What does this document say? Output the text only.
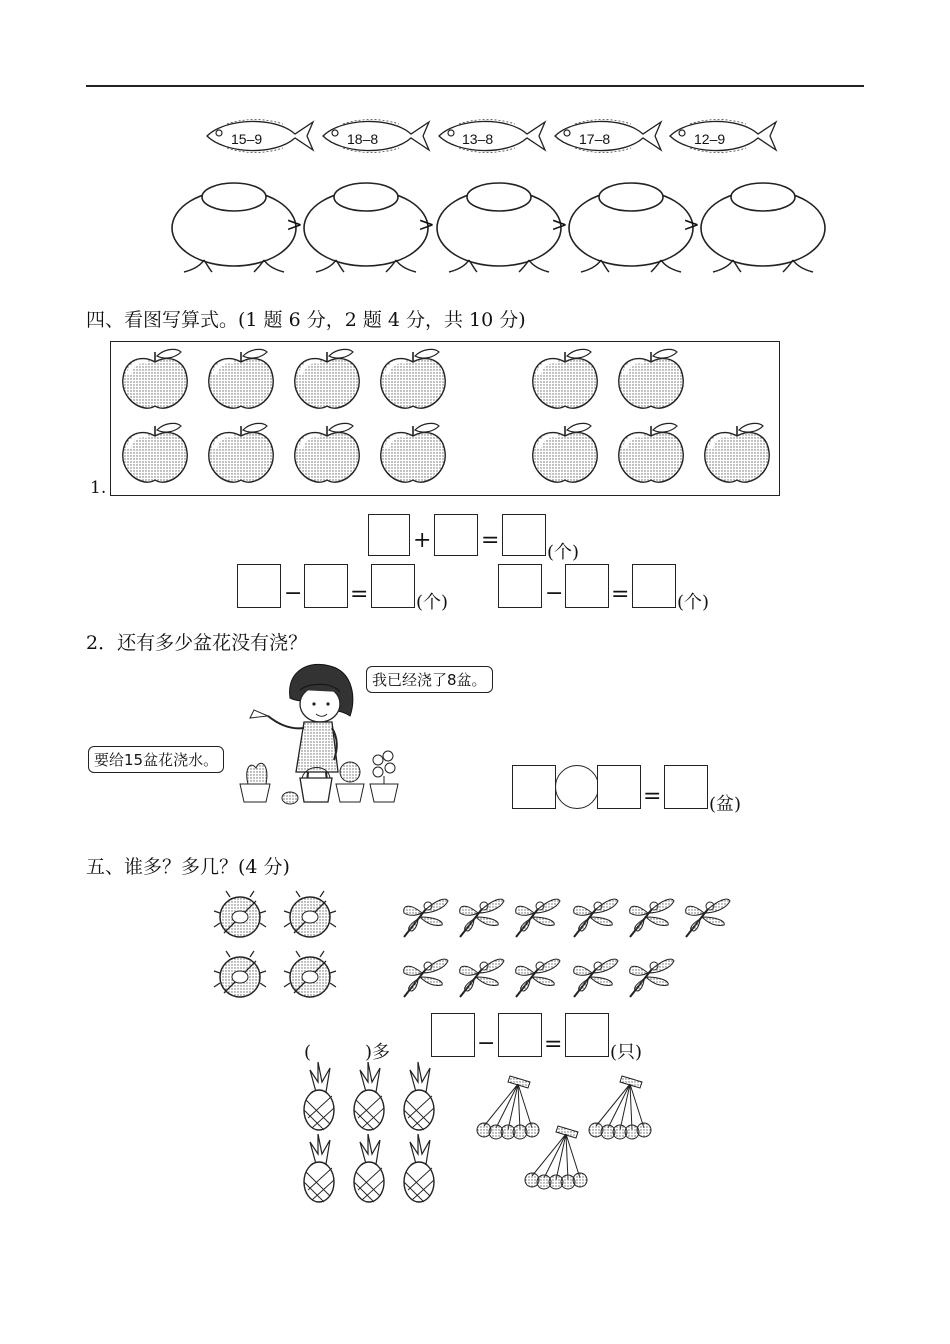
15–9	18–8	13–8	17–8	12–9
>	>	>	>
四、看图写算式。(1 题 6 分，2 题 4 分，共 10 分)
1.
+ =	(个)
− =	(个)	− =	(个)
2．还有多少盆花没有浇？
我已经浇了8盆。
要给15盆花浇水。
=	(盆)
五、谁多？多几？(4 分)
(　　　)多	− =	(只)
